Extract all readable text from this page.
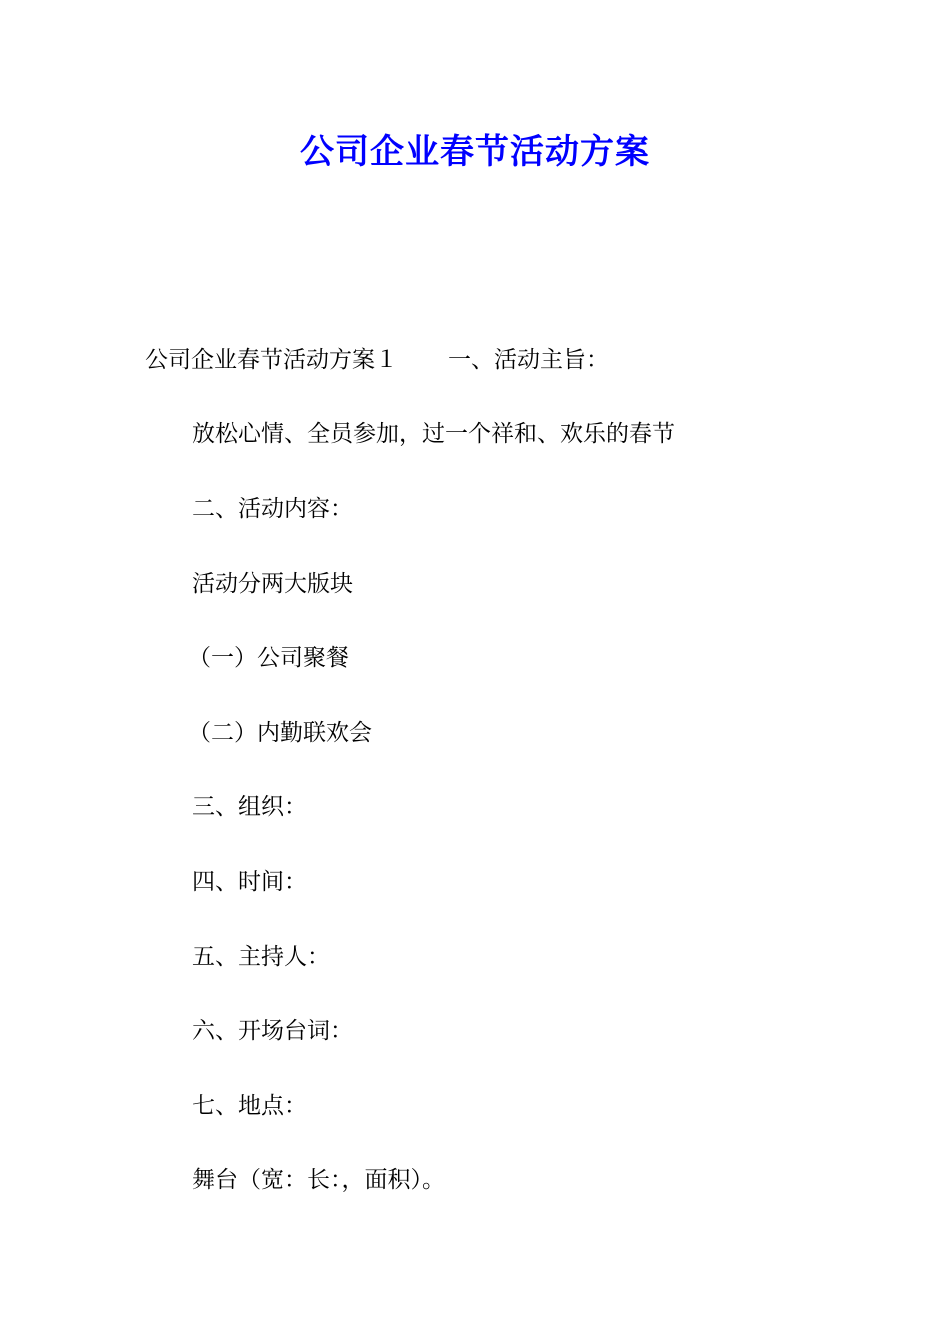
公司企业春节活动方案
公司企业春节活动方案１ 一、活动主旨：
放松心情、全员参加，过一个祥和、欢乐的春节
二、活动内容：
活动分两大版块
（一）公司聚餐
（二）内勤联欢会
三、组织：
四、时间：
五、主持人：
六、开场台词：
七、地点：
舞台（宽：长：，面积）。
